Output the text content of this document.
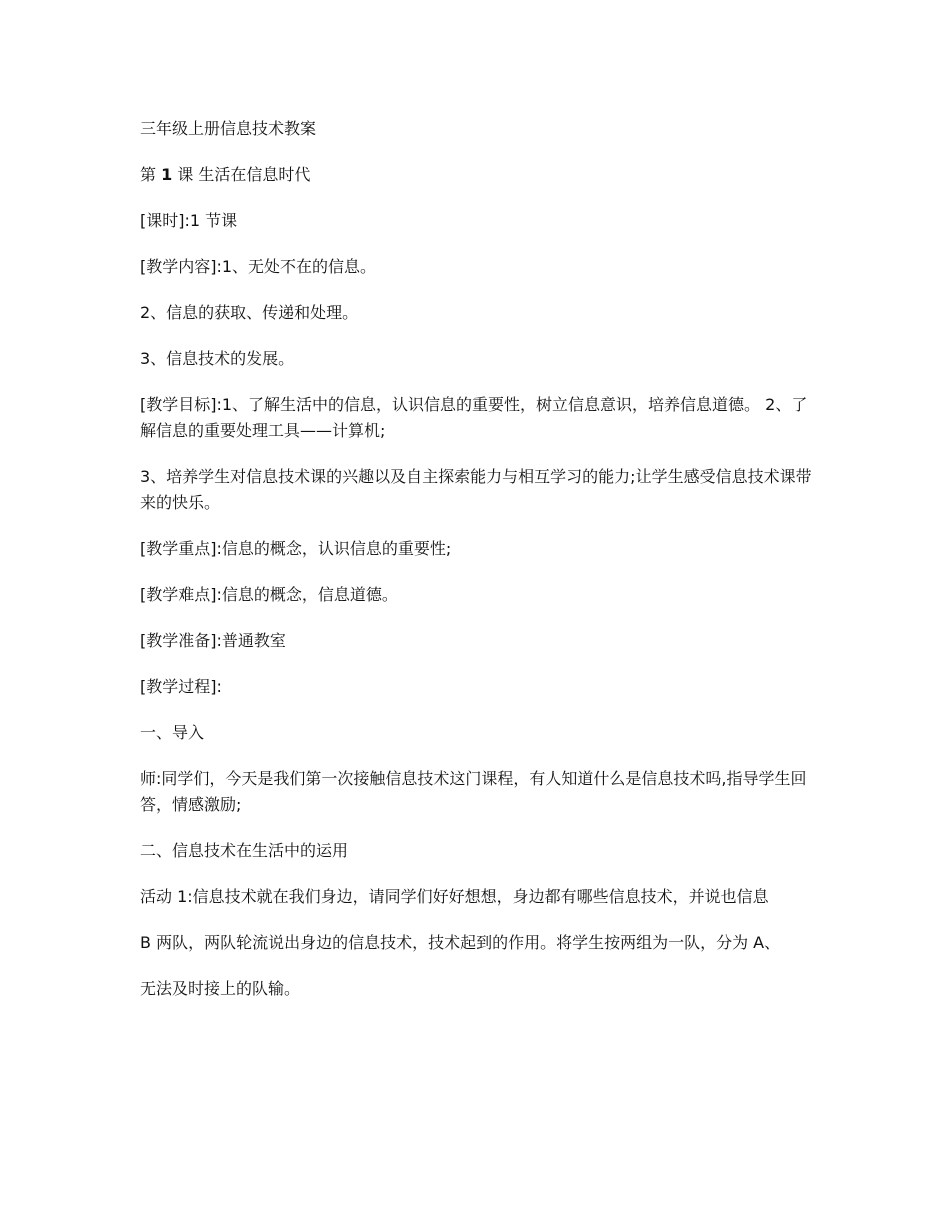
三年级上册信息技术教案

第 1 课 生活在信息时代

[课时]:1 节课

[教学内容]:1、无处不在的信息。

2、信息的获取、传递和处理。

3、信息技术的发展。

[教学目标]:1、了解生活中的信息，认识信息的重要性，树立信息意识，培养信息道德。 2、了解信息的重要处理工具——计算机;

3、培养学生对信息技术课的兴趣以及自主探索能力与相互学习的能力;让学生感受信息技术课带来的快乐。

[教学重点]:信息的概念，认识信息的重要性;

[教学难点]:信息的概念，信息道德。

[教学准备]:普通教室

[教学过程]:

一、导入

师:同学们，今天是我们第一次接触信息技术这门课程，有人知道什么是信息技术吗,指导学生回答，情感激励;

二、信息技术在生活中的运用

活动 1:信息技术就在我们身边，请同学们好好想想，身边都有哪些信息技术，并说也信息

B 两队，两队轮流说出身边的信息技术，技术起到的作用。将学生按两组为一队，分为 A、

无法及时接上的队输。
